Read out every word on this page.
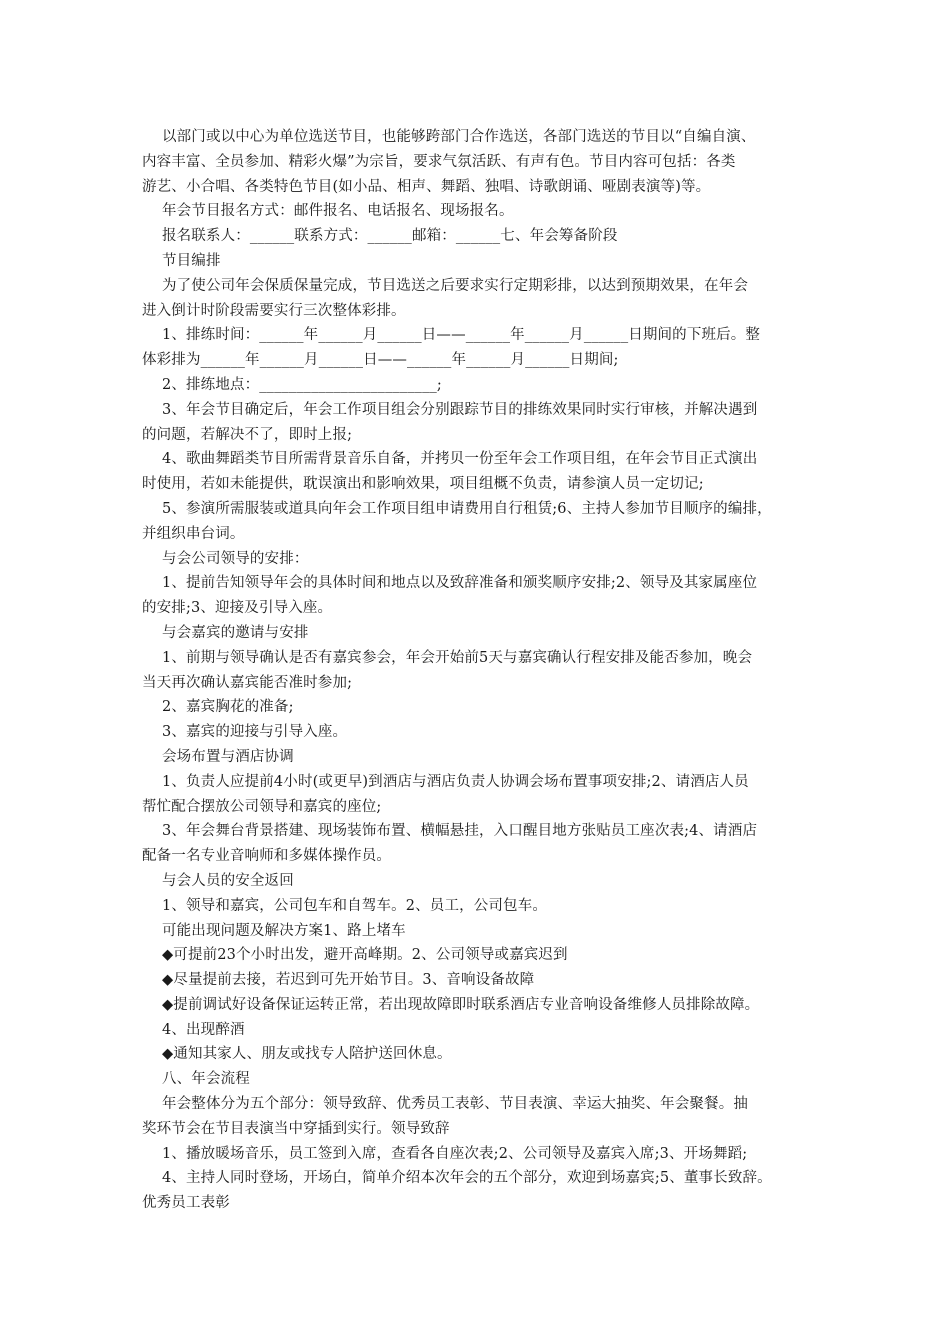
以部门或以中心为单位选送节目，也能够跨部门合作选送，各部门选送的节目以“自编自演、
内容丰富、全员参加、精彩火爆”为宗旨，要求气氛活跃、有声有色。节目内容可包括：各类
游艺、小合唱、各类特色节目(如小品、相声、舞蹈、独唱、诗歌朗诵、哑剧表演等)等。
年会节目报名方式：邮件报名、电话报名、现场报名。
报名联系人：______联系方式：______邮箱：______七、年会筹备阶段
节目编排
为了使公司年会保质保量完成，节目选送之后要求实行定期彩排，以达到预期效果，在年会
进入倒计时阶段需要实行三次整体彩排。
1、排练时间：______年______月______日——______年______月______日期间的下班后。整
体彩排为______年______月______日——______年______月______日期间;
2、排练地点：________________________;
3、年会节目确定后，年会工作项目组会分别跟踪节目的排练效果同时实行审核，并解决遇到
的问题，若解决不了，即时上报;
4、歌曲舞蹈类节目所需背景音乐自备，并拷贝一份至年会工作项目组，在年会节目正式演出
时使用，若如未能提供，耽误演出和影响效果，项目组概不负责，请参演人员一定切记;
5、参演所需服装或道具向年会工作项目组申请费用自行租赁;6、主持人参加节目顺序的编排，
并组织串台词。
与会公司领导的安排：
1、提前告知领导年会的具体时间和地点以及致辞准备和颁奖顺序安排;2、领导及其家属座位
的安排;3、迎接及引导入座。
与会嘉宾的邀请与安排
1、前期与领导确认是否有嘉宾参会，年会开始前5天与嘉宾确认行程安排及能否参加，晚会
当天再次确认嘉宾能否准时参加;
2、嘉宾胸花的准备;
3、嘉宾的迎接与引导入座。
会场布置与酒店协调
1、负责人应提前4小时(或更早)到酒店与酒店负责人协调会场布置事项安排;2、请酒店人员
帮忙配合摆放公司领导和嘉宾的座位;
3、年会舞台背景搭建、现场装饰布置、横幅悬挂，入口醒目地方张贴员工座次表;4、请酒店
配备一名专业音响师和多媒体操作员。
与会人员的安全返回
1、领导和嘉宾，公司包车和自驾车。2、员工，公司包车。
可能出现问题及解决方案1、路上堵车
◆可提前23个小时出发，避开高峰期。2、公司领导或嘉宾迟到
◆尽量提前去接，若迟到可先开始节目。3、音响设备故障
◆提前调试好设备保证运转正常，若出现故障即时联系酒店专业音响设备维修人员排除故障。
4、出现醉酒
◆通知其家人、朋友或找专人陪护送回休息。
八、年会流程
年会整体分为五个部分：领导致辞、优秀员工表彰、节目表演、幸运大抽奖、年会聚餐。抽
奖环节会在节目表演当中穿插到实行。领导致辞
1、播放暖场音乐，员工签到入席，查看各自座次表;2、公司领导及嘉宾入席;3、开场舞蹈;
4、主持人同时登场，开场白，简单介绍本次年会的五个部分，欢迎到场嘉宾;5、董事长致辞。
优秀员工表彰
